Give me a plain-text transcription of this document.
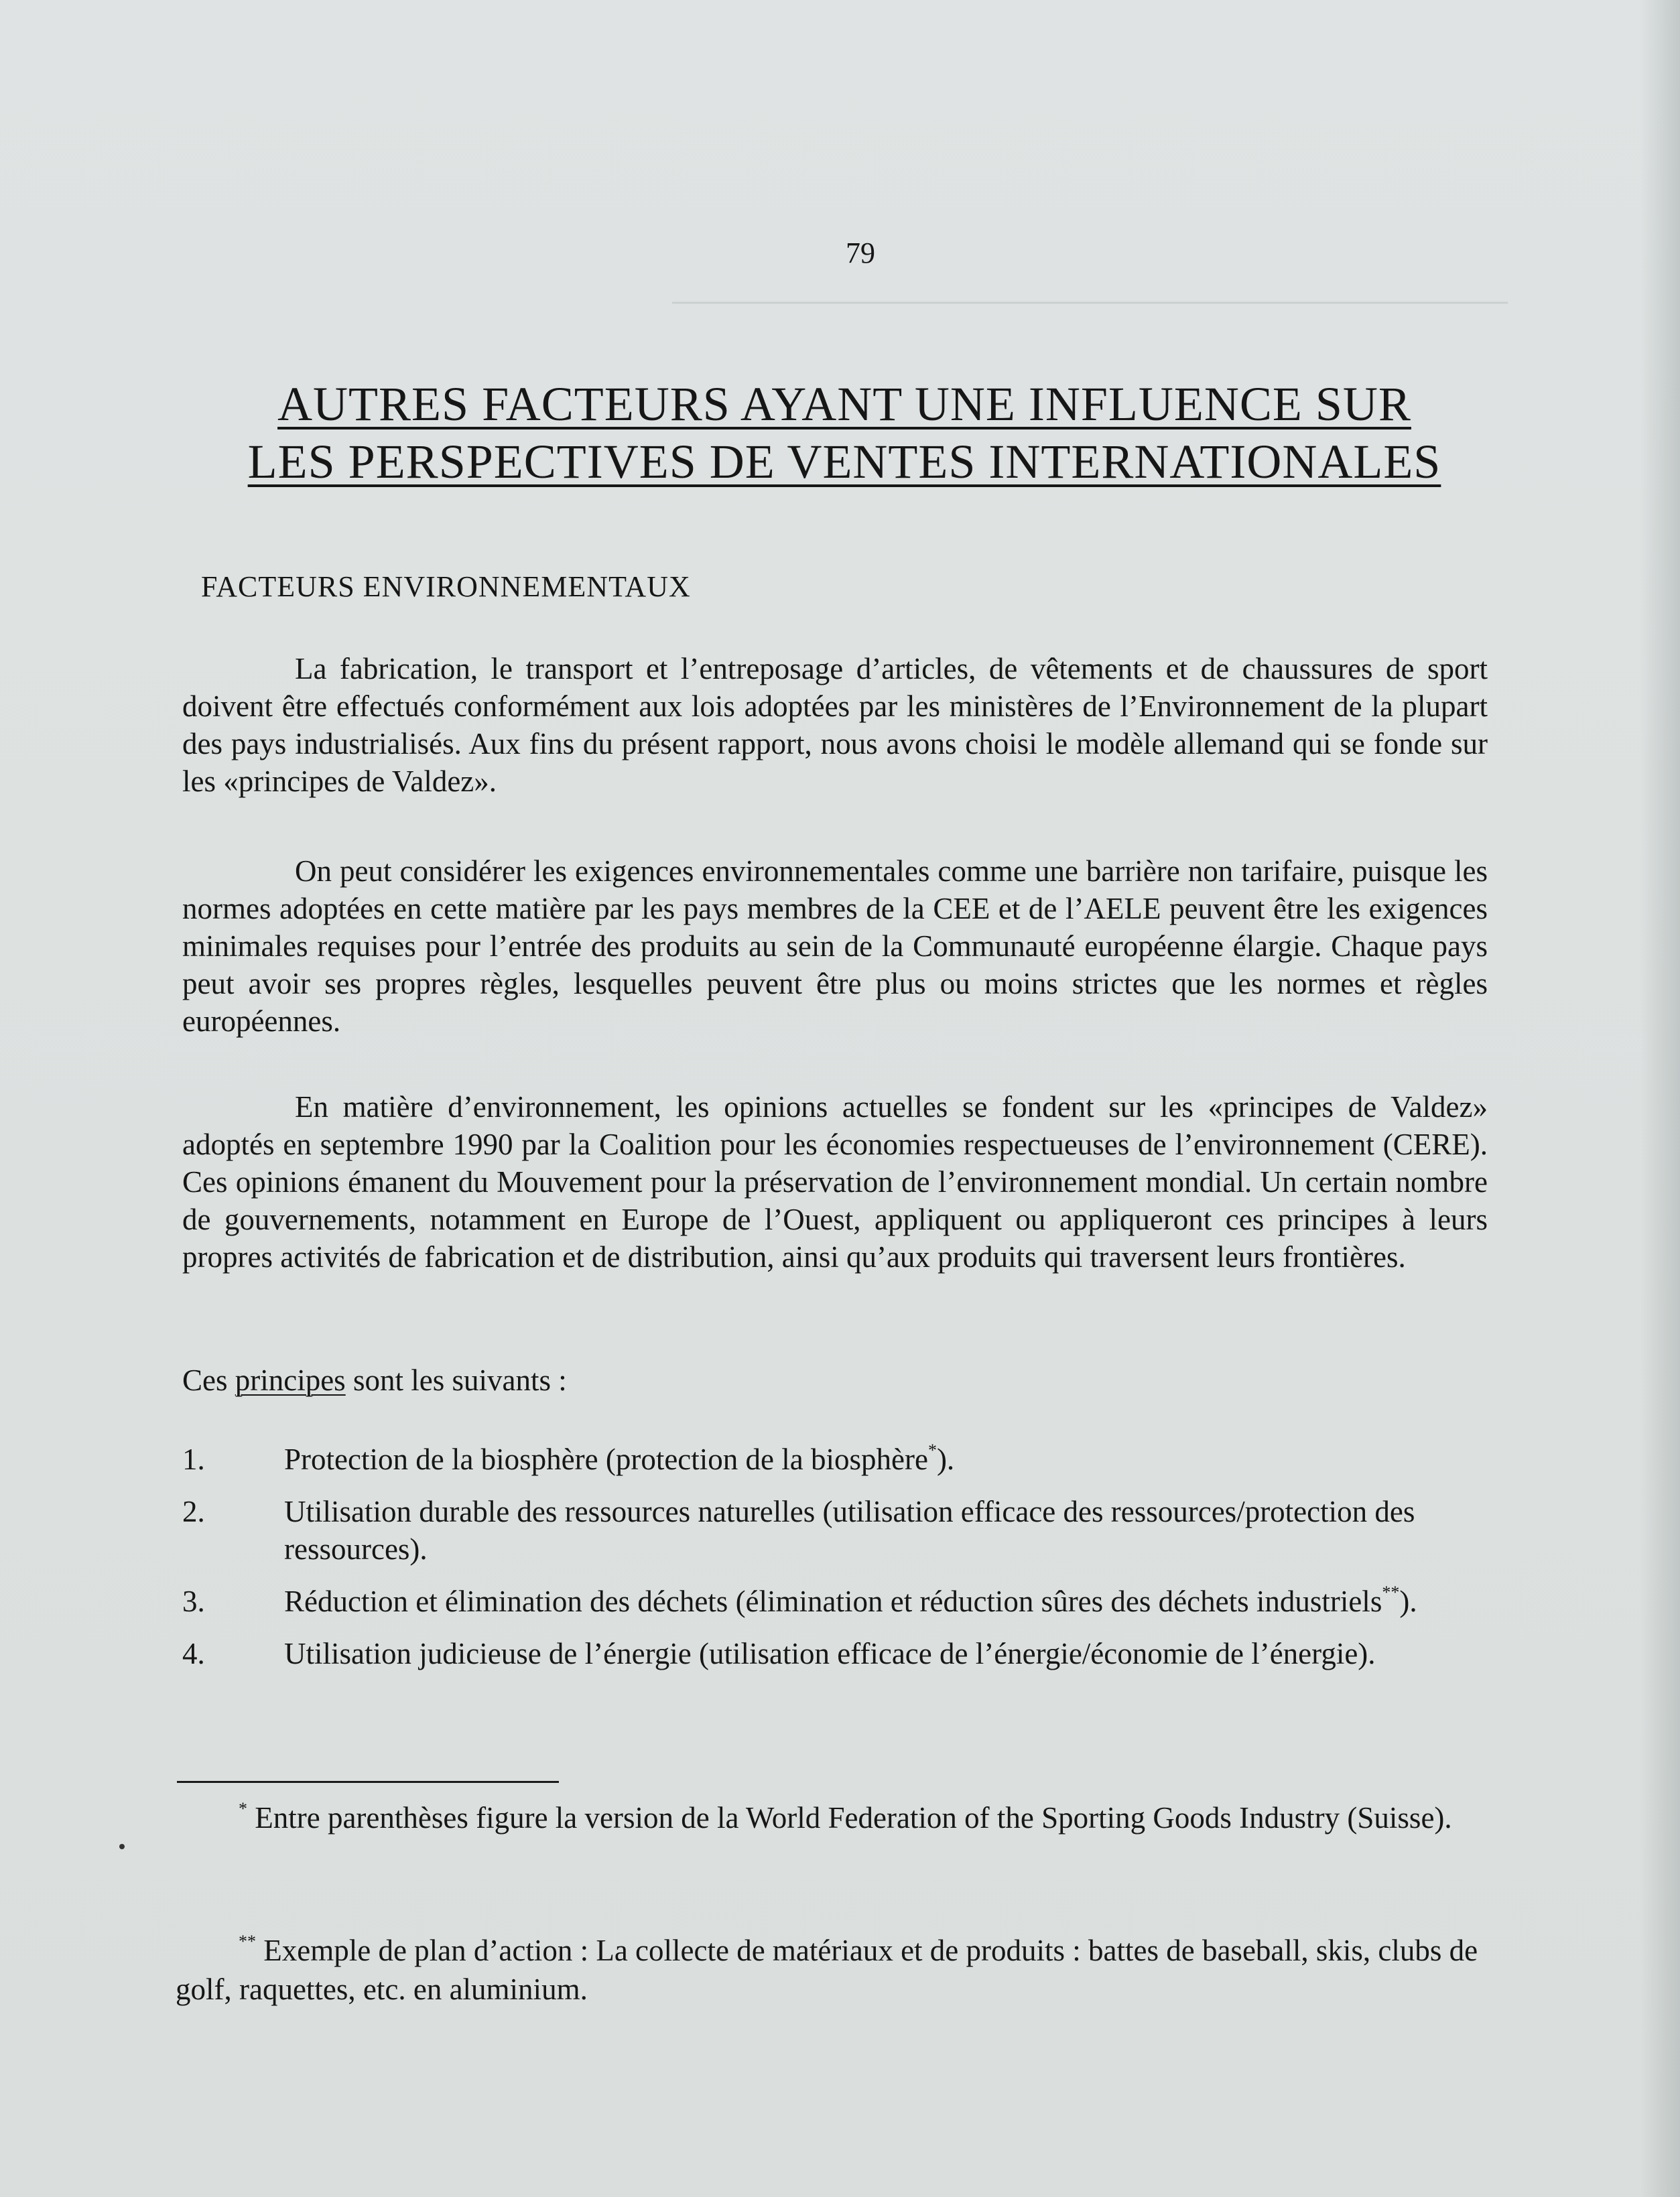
────────────────────────────────────────────
79
AUTRES FACTEURS AYANT UNE INFLUENCE SUR
LES PERSPECTIVES DE VENTES INTERNATIONALES
FACTEURS ENVIRONNEMENTAUX

La fabrication, le transport et l’entreposage d’articles, de vêtements et de chaussures de sport doivent être effectués conformément aux lois adoptées par les ministères de l’Environnement de la plupart des pays industrialisés. Aux fins du présent rapport, nous avons choisi le modèle allemand qui se fonde sur les «principes de Valdez».

On peut considérer les exigences environnementales comme une barrière non tarifaire, puisque les normes adoptées en cette matière par les pays membres de la CEE et de l’AELE peuvent être les exigences minimales requises pour l’entrée des produits au sein de la Communauté européenne élargie. Chaque pays peut avoir ses propres règles, lesquelles peuvent être plus ou moins strictes que les normes et règles européennes.

En matière d’environnement, les opinions actuelles se fondent sur les «principes de Valdez» adoptés en septembre 1990 par la Coalition pour les économies respectueuses de l’environnement (CERE). Ces opinions émanent du Mouvement pour la préservation de l’environnement mondial. Un certain nombre de gouvernements, notamment en Europe de l’Ouest, appliquent ou appliqueront ces principes à leurs propres activités de fabrication et de distribution, ainsi qu’aux produits qui traversent leurs frontières.

Ces principes sont les suivants :
1.	Protection de la biosphère (protection de la biosphère*).
2.	Utilisation durable des ressources naturelles (utilisation efficace des ressources/protection des ressources).
3.	Réduction et élimination des déchets (élimination et réduction sûres des déchets industriels**).
4.	Utilisation judicieuse de l’énergie (utilisation efficace de l’énergie/économie de l’énergie).

* Entre parenthèses figure la version de la World Federation of the Sporting Goods Industry (Suisse).

** Exemple de plan d’action : La collecte de matériaux et de produits : battes de baseball, skis, clubs de golf, raquettes, etc. en aluminium.
